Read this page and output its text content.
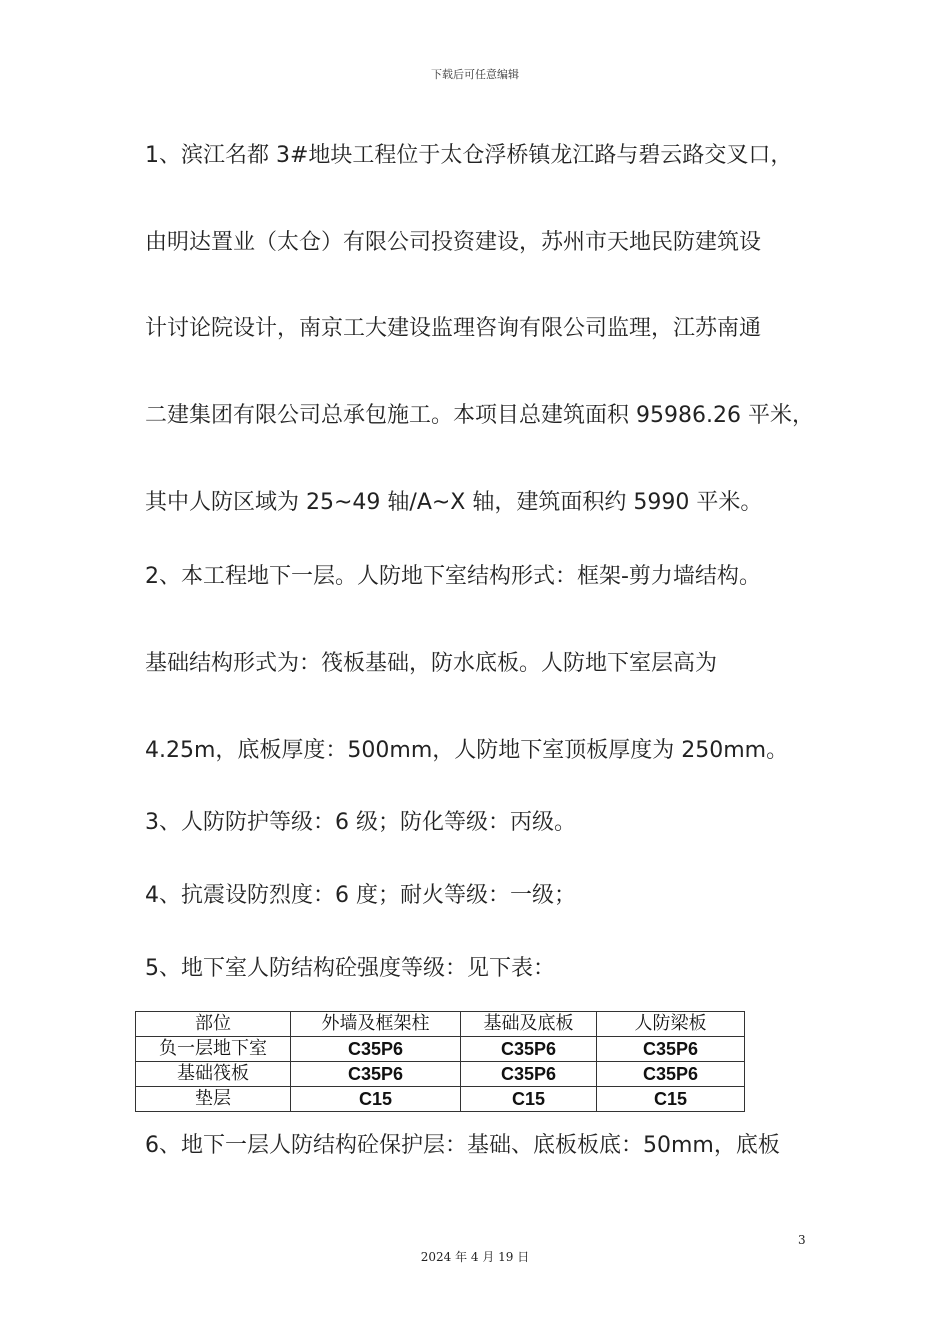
下载后可任意编辑
1、滨江名都 3#地块工程位于太仓浮桥镇龙江路与碧云路交叉口，
由明达置业（太仓）有限公司投资建设，苏州市天地民防建筑设
计讨论院设计，南京工大建设监理咨询有限公司监理，江苏南通
二建集团有限公司总承包施工。本项目总建筑面积 95986.26 平米，
其中人防区域为 25~49 轴/A~X 轴，建筑面积约 5990 平米。
2、本工程地下一层。人防地下室结构形式：框架-剪力墙结构。
基础结构形式为：筏板基础，防水底板。人防地下室层高为
4.25m，底板厚度：500mm，人防地下室顶板厚度为 250mm。
3、人防防护等级：6 级；防化等级：丙级。
4、抗震设防烈度：6 度；耐火等级：一级；
5、地下室人防结构砼强度等级：见下表：
部位	外墙及框架柱	基础及底板	人防梁板
负一层地下室	C35P6	C35P6	C35P6
基础筏板	C35P6	C35P6	C35P6
垫层	C15	C15	C15
6、地下一层人防结构砼保护层：基础、底板板底：50mm，底板
3
2024 年 4 月 19 日
